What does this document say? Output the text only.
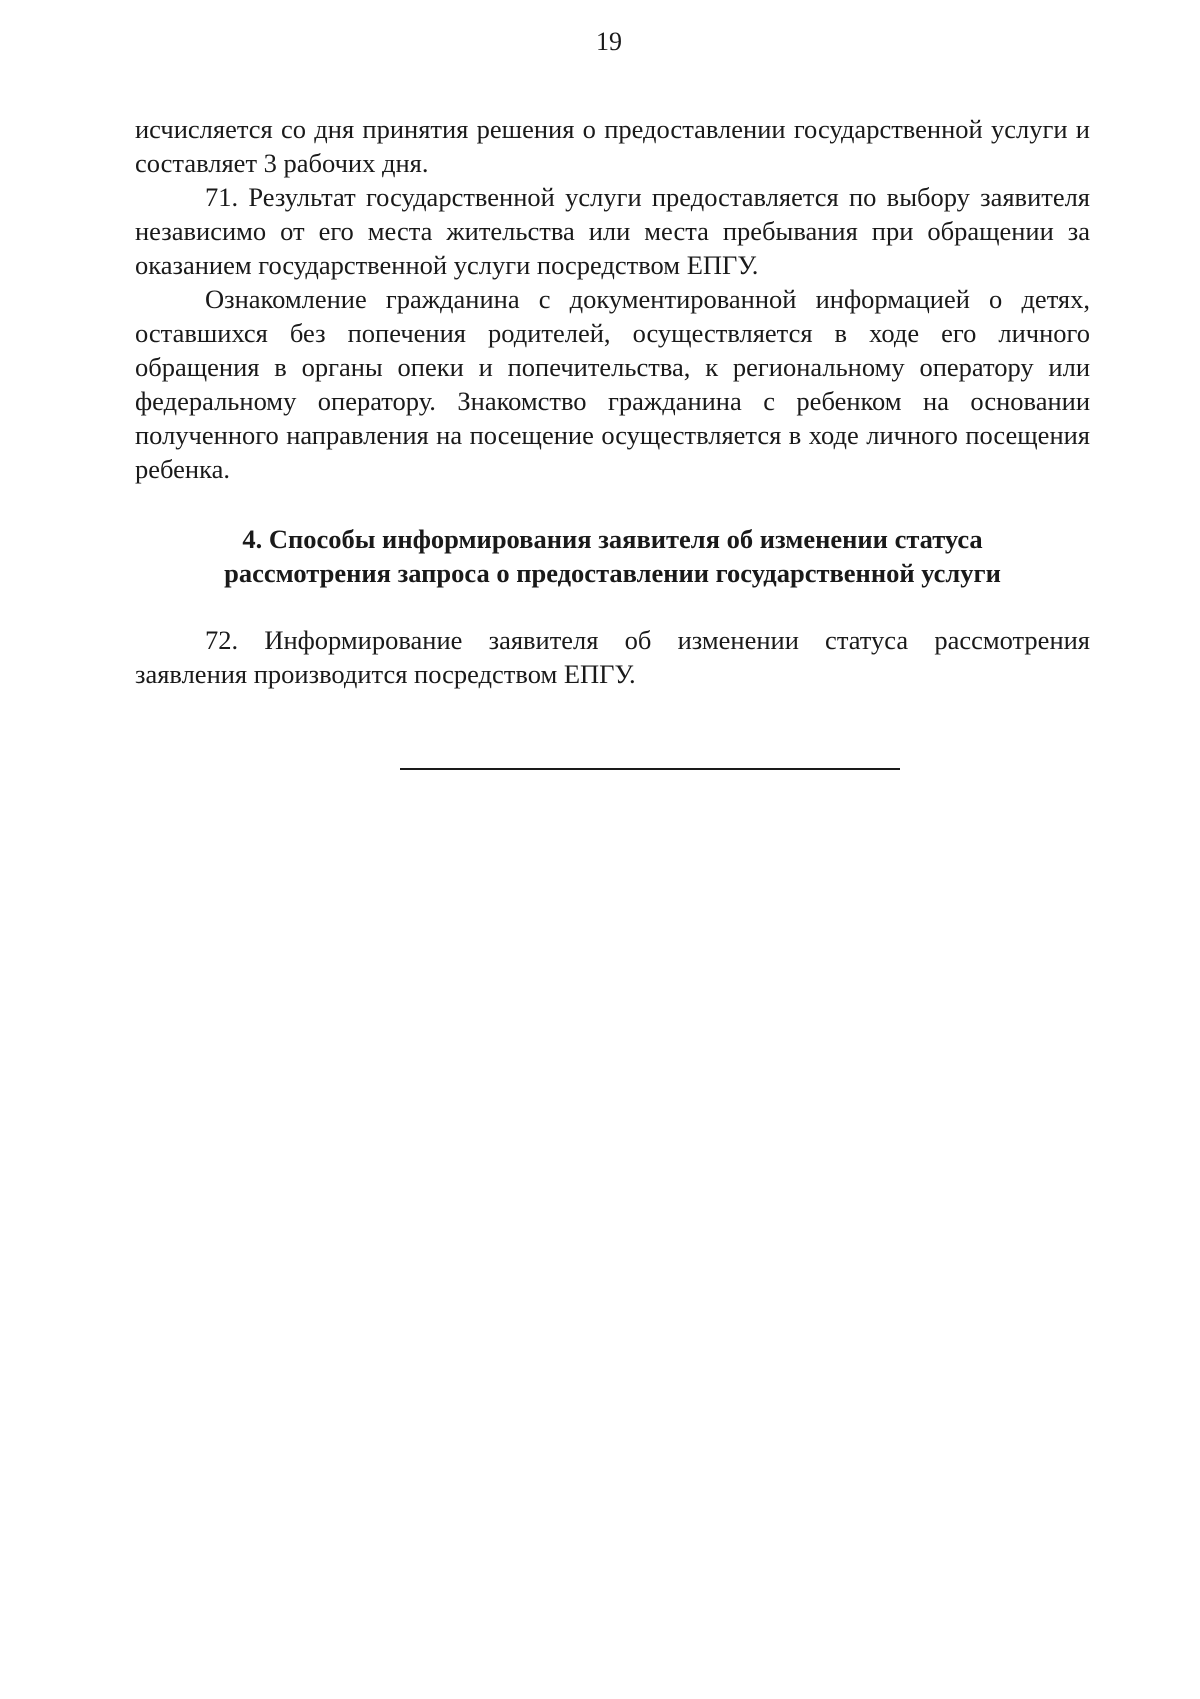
19

исчисляется со дня принятия решения о предоставлении государственной услуги и составляет 3 рабочих дня.

71. Результат государственной услуги предоставляется по выбору заявителя независимо от его места жительства или места пребывания при обращении за оказанием государственной услуги посредством ЕПГУ.

Ознакомление гражданина с документированной информацией о детях, оставшихся без попечения родителей, осуществляется в ходе его личного обращения в органы опеки и попечительства, к региональному оператору или федеральному оператору. Знакомство гражданина с ребенком на основании полученного направления на посещение осуществляется в ходе личного посещения ребенка.

4. Способы информирования заявителя об изменении статуса
рассмотрения запроса о предоставлении государственной услуги

72. Информирование заявителя об изменении статуса рассмотрения заявления производится посредством ЕПГУ.
